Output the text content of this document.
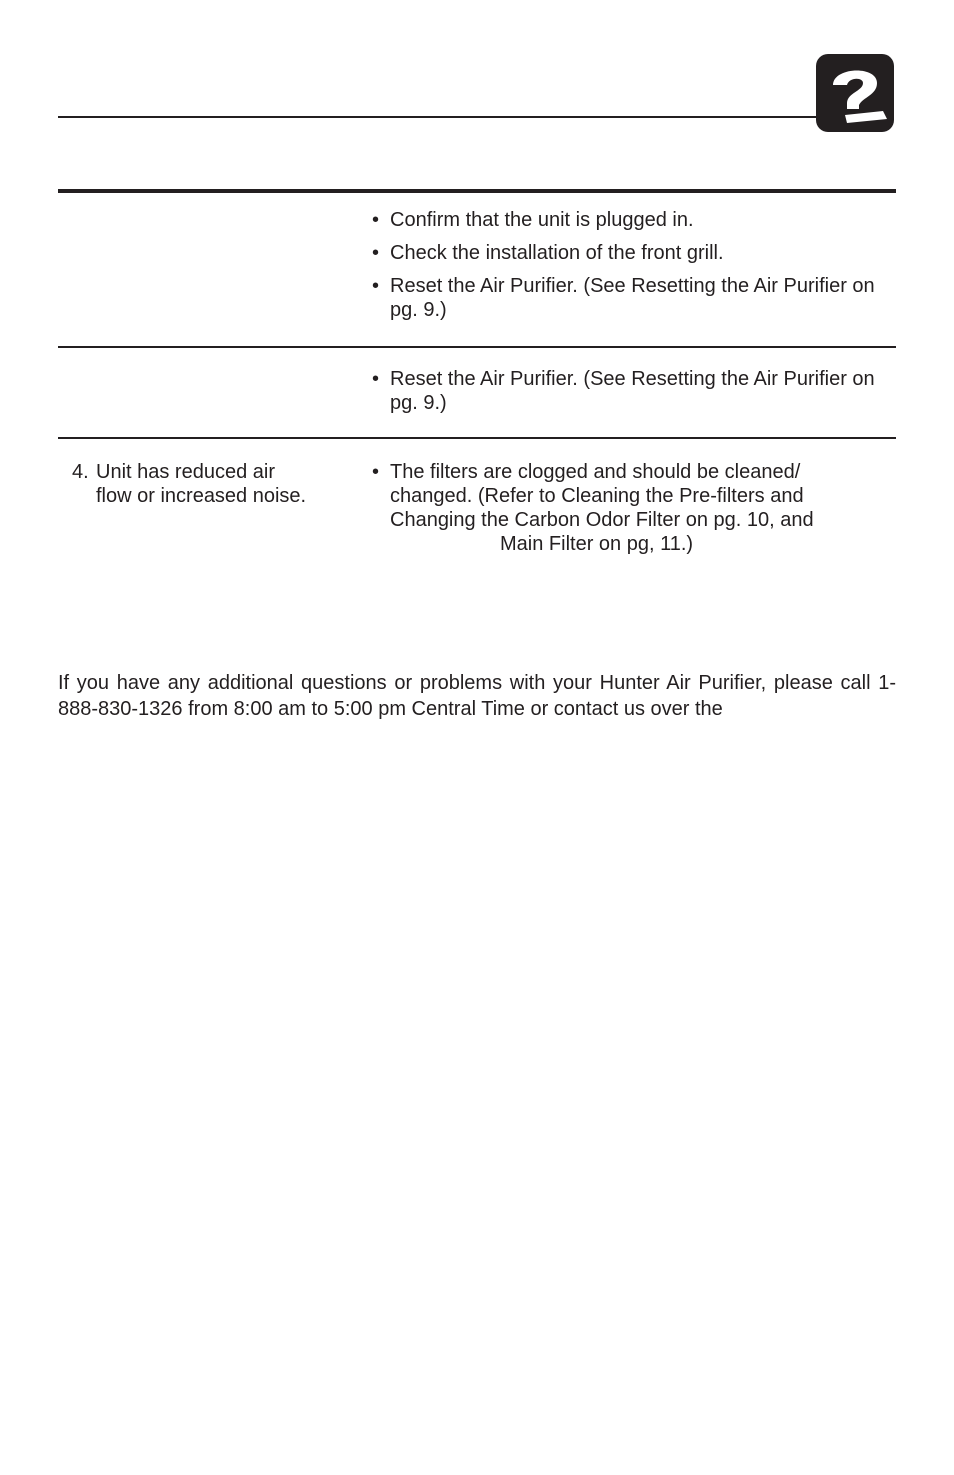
• Confirm that the unit is plugged in.
• Check the installation of the front grill.
• Reset the Air Purifier. (See Resetting the Air Purifier on pg. 9.)
• Reset the Air Purifier. (See Resetting the Air Purifier on pg. 9.)
4. Unit has reduced air
flow or increased noise.
• The filters are clogged and should be cleaned/
changed. (Refer to Cleaning the Pre-filters and
Changing the Carbon Odor Filter on pg. 10, and
Main Filter on pg, 11.)

If you have any additional questions or problems with your Hunter Air Purifier, please call 1-888-830-1326 from 8:00 am to 5:00 pm Central Time or contact us over the
